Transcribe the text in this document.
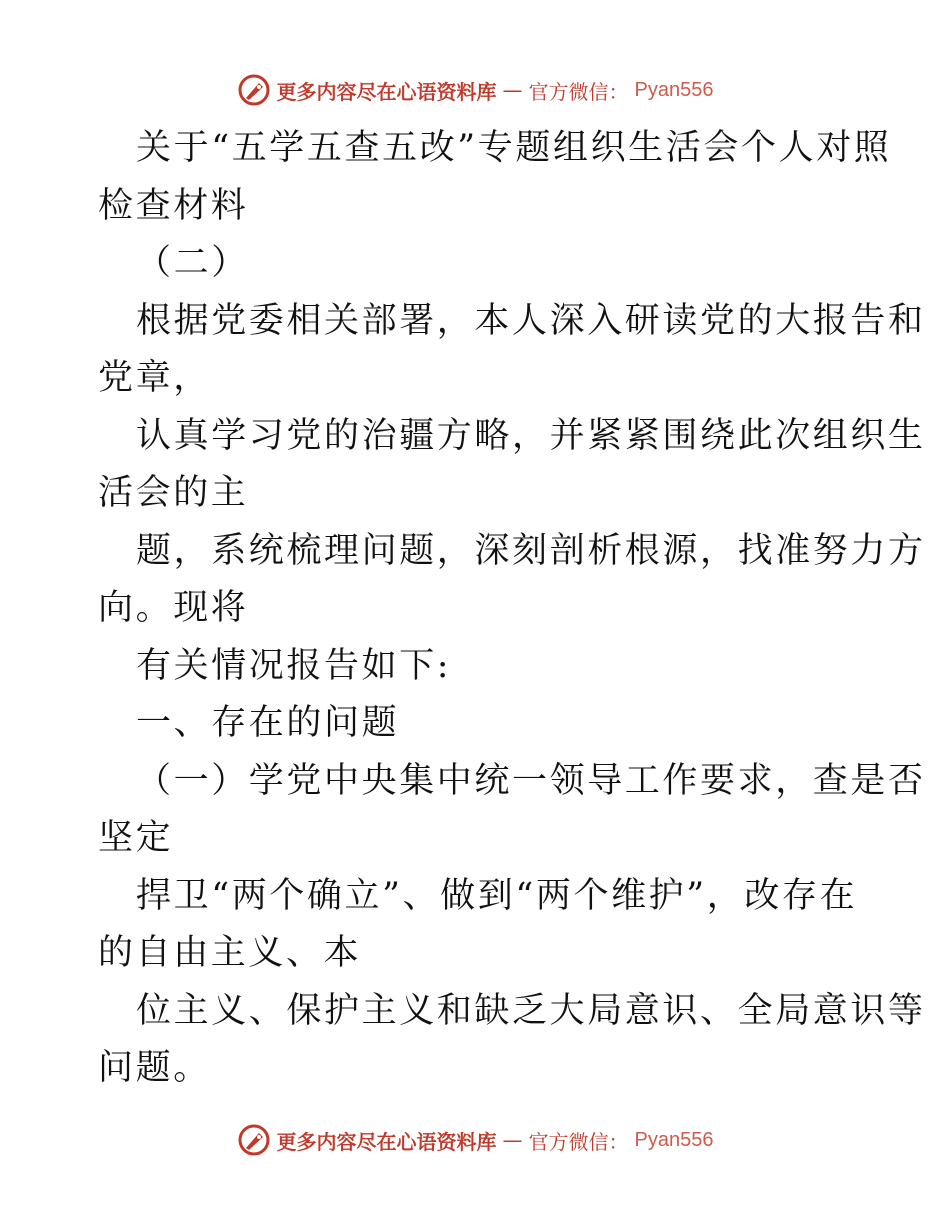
更多内容尽在心语资料库 — 官方微信： Pyan556
关于“五学五查五改”专题组织生活会个人对照
检查材料
（二）
根据党委相关部署，本人深入研读党的大报告和
党章，
认真学习党的治疆方略，并紧紧围绕此次组织生
活会的主
题，系统梳理问题，深刻剖析根源，找准努力方
向。现将
有关情况报告如下:
一、存在的问题
（一）学党中央集中统一领导工作要求，查是否
坚定
捍卫“两个确立”、做到“两个维护”，改存在
的自由主义、本
位主义、保护主义和缺乏大局意识、全局意识等
问题。
更多内容尽在心语资料库 — 官方微信： Pyan556
